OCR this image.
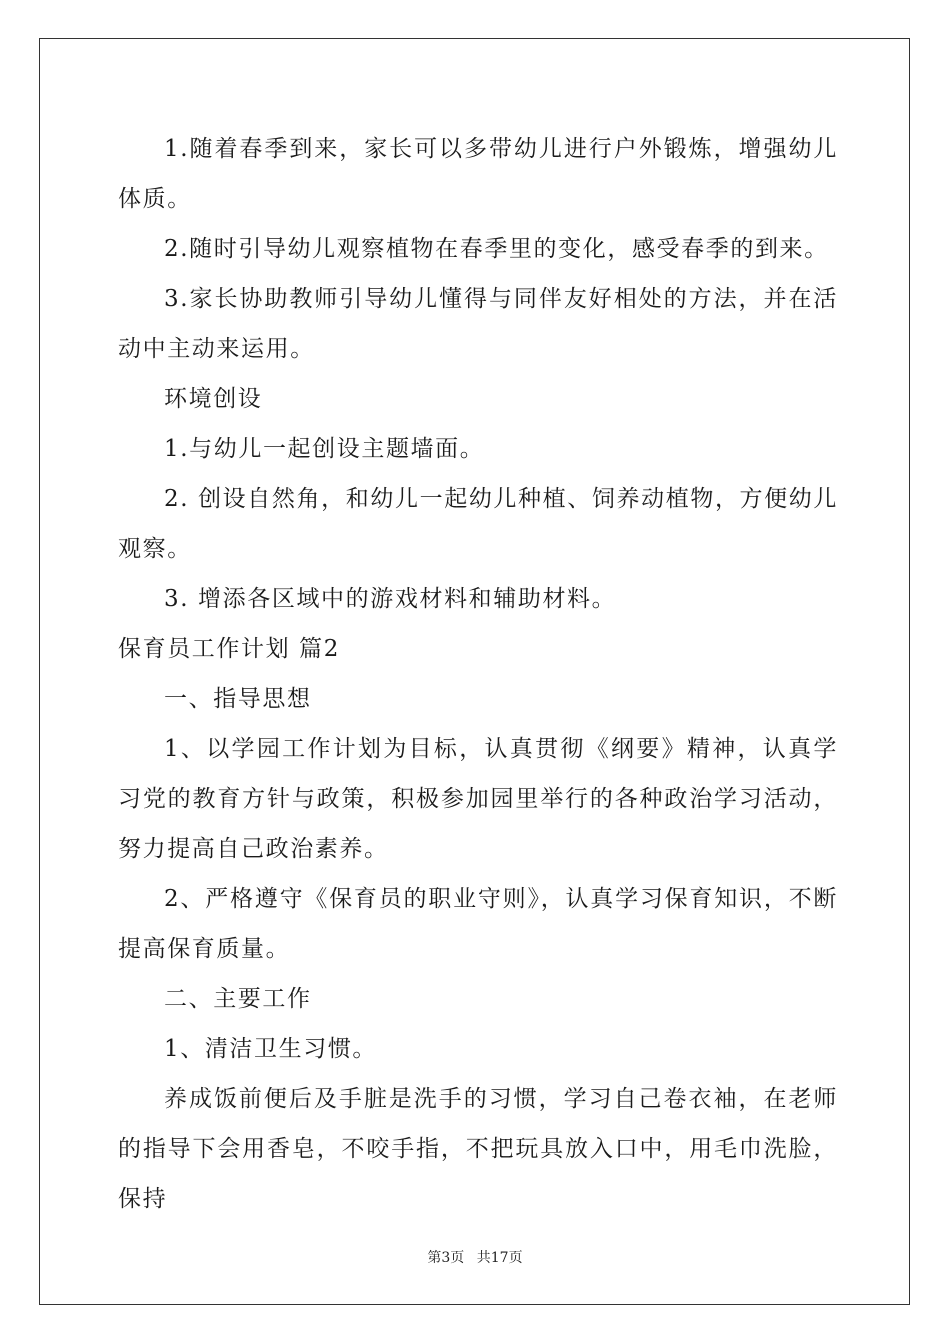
1.随着春季到来，家长可以多带幼儿进行户外锻炼，增强幼儿体质。

2.随时引导幼儿观察植物在春季里的变化，感受春季的到来。

3.家长协助教师引导幼儿懂得与同伴友好相处的方法，并在活动中主动来运用。

环境创设

1.与幼儿一起创设主题墙面。

2. 创设自然角，和幼儿一起幼儿种植、饲养动植物，方便幼儿观察。

3. 增添各区域中的游戏材料和辅助材料。

保育员工作计划 篇2

一、指导思想

1、以学园工作计划为目标，认真贯彻《纲要》精神，认真学习党的教育方针与政策，积极参加园里举行的各种政治学习活动，努力提高自己政治素养。

2、严格遵守《保育员的职业守则》，认真学习保育知识，不断提高保育质量。

二、主要工作

1、清洁卫生习惯。

养成饭前便后及手脏是洗手的习惯，学习自己卷衣袖，在老师的指导下会用香皂，不咬手指，不把玩具放入口中，用毛巾洗脸，保持

第3页 共17页
